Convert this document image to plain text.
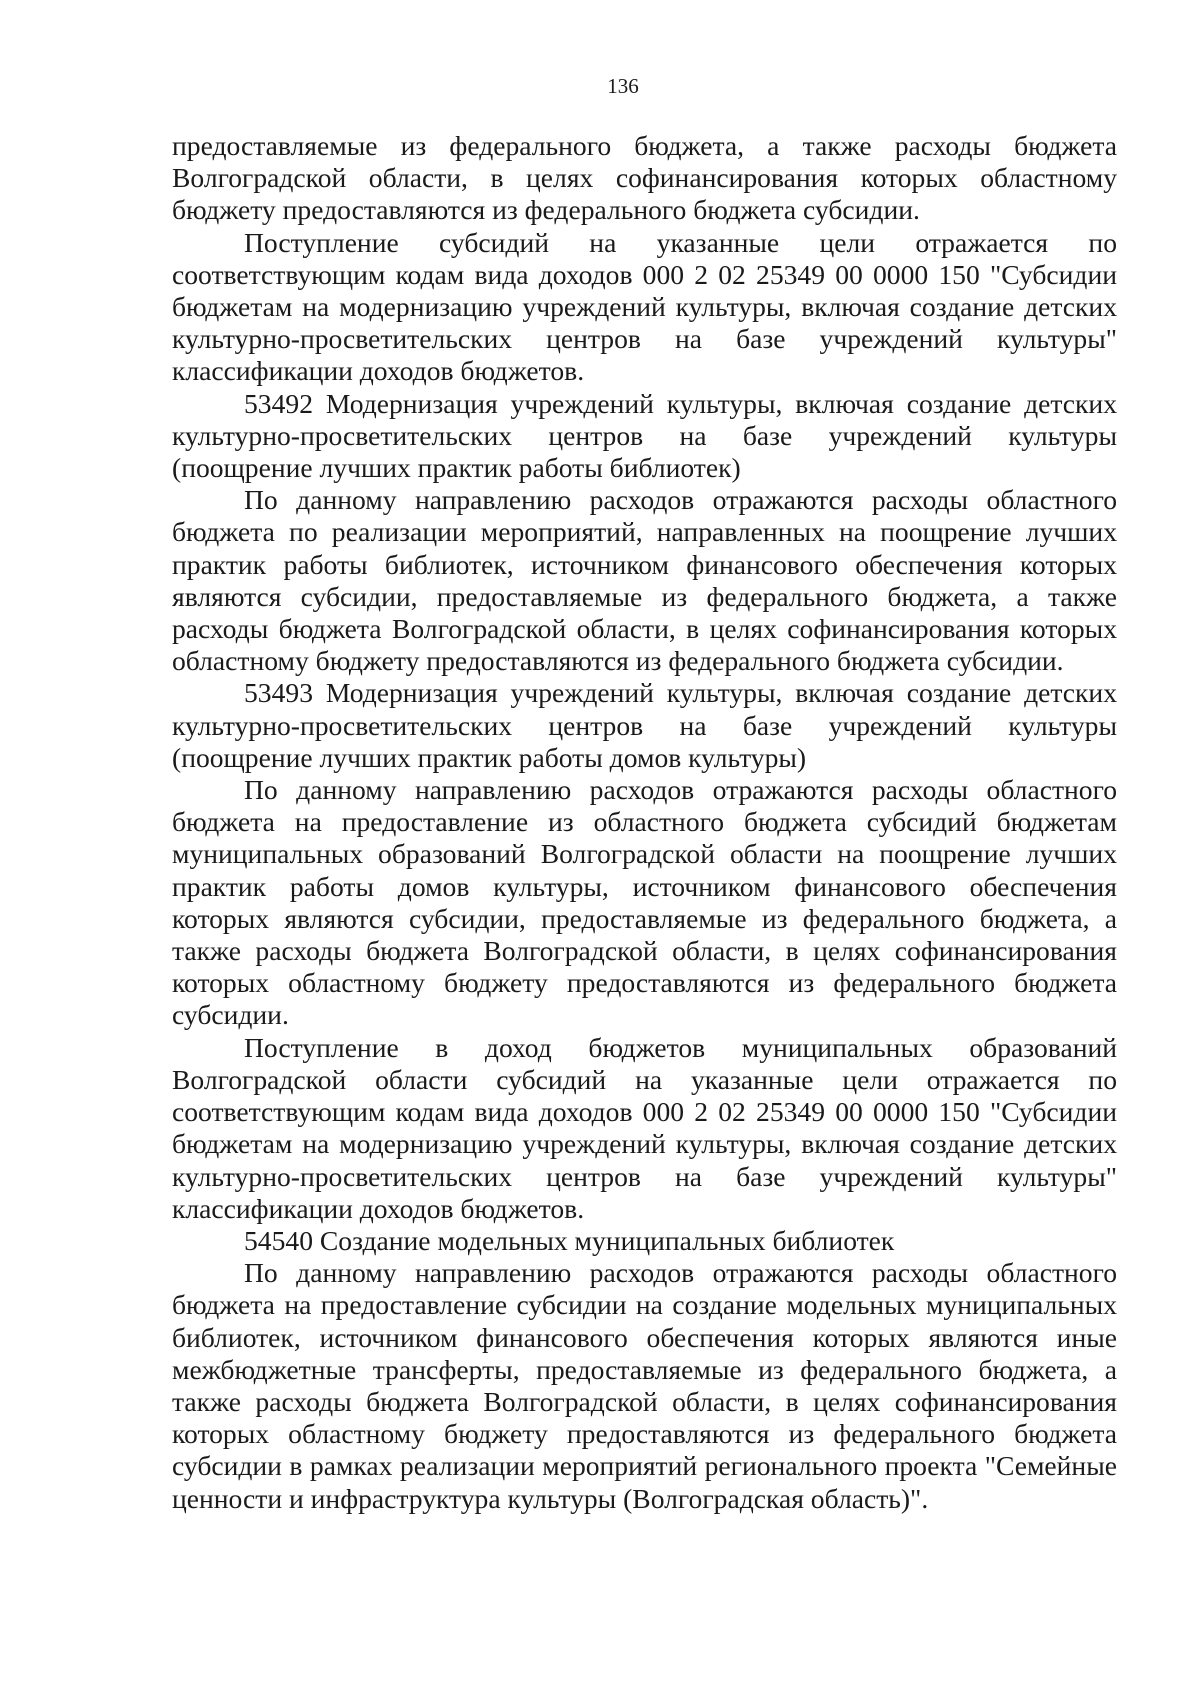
136

предоставляемые из федерального бюджета, а также расходы бюджета Волгоградской области, в целях софинансирования которых областному бюджету предоставляются из федерального бюджета субсидии.

Поступление субсидий на указанные цели отражается по соответствующим кодам вида доходов 000 2 02 25349 00 0000 150 "Субсидии бюджетам на модернизацию учреждений культуры, включая создание детских культурно-просветительских центров на базе учреждений культуры" классификации доходов бюджетов.

53492 Модернизация учреждений культуры, включая создание детских культурно-просветительских центров на базе учреждений культуры (поощрение лучших практик работы библиотек)

По данному направлению расходов отражаются расходы областного бюджета по реализации мероприятий, направленных на поощрение лучших практик работы библиотек, источником финансового обеспечения которых являются субсидии, предоставляемые из федерального бюджета, а также расходы бюджета Волгоградской области, в целях софинансирования которых областному бюджету предоставляются из федерального бюджета субсидии.

53493 Модернизация учреждений культуры, включая создание детских культурно-просветительских центров на базе учреждений культуры (поощрение лучших практик работы домов культуры)

По данному направлению расходов отражаются расходы областного бюджета на предоставление из областного бюджета субсидий бюджетам муниципальных образований Волгоградской области на поощрение лучших практик работы домов культуры, источником финансового обеспечения которых являются субсидии, предоставляемые из федерального бюджета, а также расходы бюджета Волгоградской области, в целях софинансирования которых областному бюджету предоставляются из федерального бюджета субсидии.

Поступление в доход бюджетов муниципальных образований Волгоградской области субсидий на указанные цели отражается по соответствующим кодам вида доходов 000 2 02 25349 00 0000 150 "Субсидии бюджетам на модернизацию учреждений культуры, включая создание детских культурно-просветительских центров на базе учреждений культуры" классификации доходов бюджетов.

54540 Создание модельных муниципальных библиотек

По данному направлению расходов отражаются расходы областного бюджета на предоставление субсидии на создание модельных муниципальных библиотек, источником финансового обеспечения которых являются иные межбюджетные трансферты, предоставляемые из федерального бюджета, а также расходы бюджета Волгоградской области, в целях софинансирования которых областному бюджету предоставляются из федерального бюджета субсидии в рамках реализации мероприятий регионального проекта "Семейные ценности и инфраструктура культуры (Волгоградская область)".
